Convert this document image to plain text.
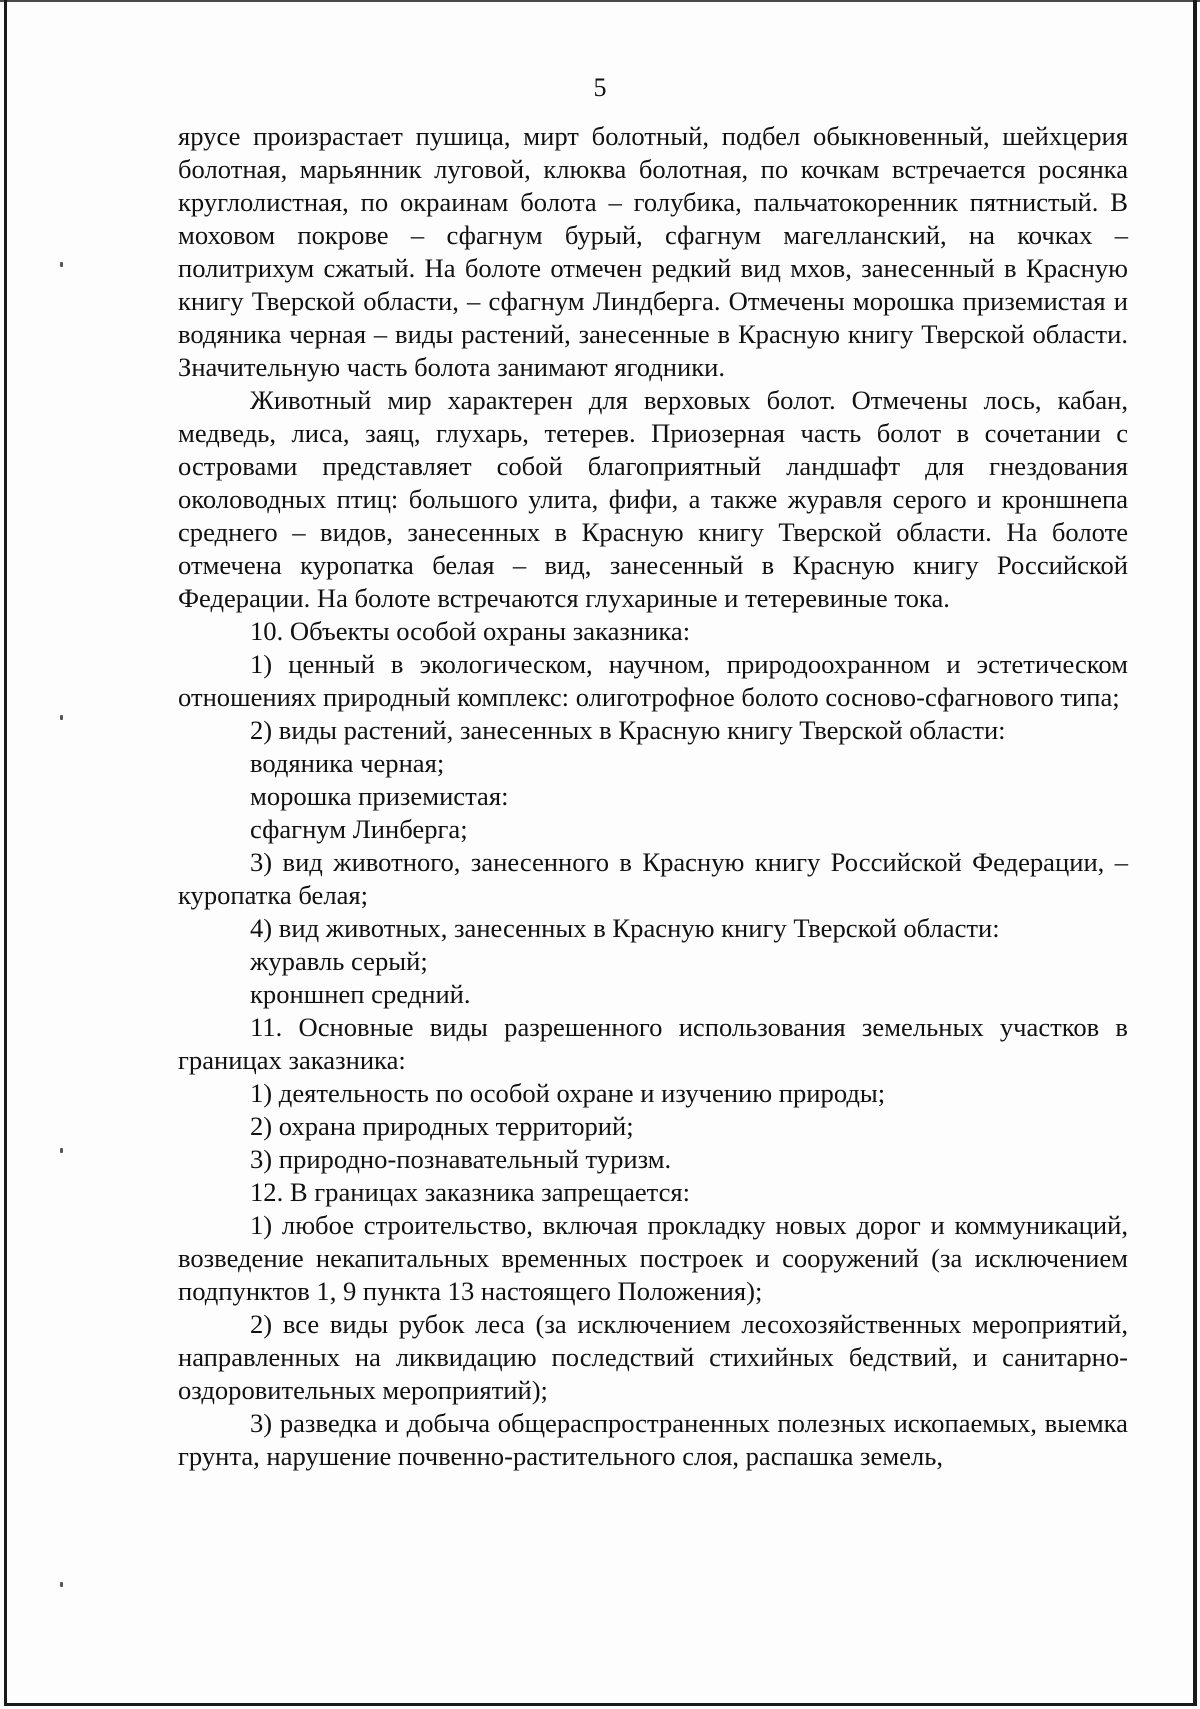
5

ярусе произрастает пушица, мирт болотный, подбел обыкновенный, шейхцерия болотная, марьянник луговой, клюква болотная, по кочкам встречается росянка круглолистная, по окраинам болота – голубика, пальчатокоренник пятнистый. В моховом покрове – сфагнум бурый, сфагнум магелланский, на кочках – политрихум сжатый. На болоте отмечен редкий вид мхов, занесенный в Красную книгу Тверской области, – сфагнум Линдберга. Отмечены морошка приземистая и водяника черная – виды растений, занесенные в Красную книгу Тверской области. Значительную часть болота занимают ягодники.

Животный мир характерен для верховых болот. Отмечены лось, кабан, медведь, лиса, заяц, глухарь, тетерев. Приозерная часть болот в сочетании с островами представляет собой благоприятный ландшафт для гнездования околоводных птиц: большого улита, фифи, а также журавля серого и кроншнепа среднего – видов, занесенных в Красную книгу Тверской области. На болоте отмечена куропатка белая – вид, занесенный в Красную книгу Российской Федерации. На болоте встречаются глухариные и тетеревиные тока.

10. Объекты особой охраны заказника:

1) ценный в экологическом, научном, природоохранном и эстетическом отношениях природный комплекс: олиготрофное болото сосново-сфагнового типа;

2) виды растений, занесенных в Красную книгу Тверской области:

водяника черная;

морошка приземистая:

сфагнум Линберга;

3) вид животного, занесенного в Красную книгу Российской Федерации, – куропатка белая;

4) вид животных, занесенных в Красную книгу Тверской области:

журавль серый;

кроншнеп средний.

11. Основные виды разрешенного использования земельных участков в границах заказника:

1) деятельность по особой охране и изучению природы;

2) охрана природных территорий;

3) природно-познавательный туризм.

12. В границах заказника запрещается:

1) любое строительство, включая прокладку новых дорог и коммуникаций, возведение некапитальных временных построек и сооружений (за исключением подпунктов 1, 9 пункта 13 настоящего Положения);

2) все виды рубок леса (за исключением лесохозяйственных мероприятий, направленных на ликвидацию последствий стихийных бедствий, и санитарно-оздоровительных мероприятий);

3) разведка и добыча общераспространенных полезных ископаемых, выемка грунта, нарушение почвенно-растительного слоя, распашка земель,
